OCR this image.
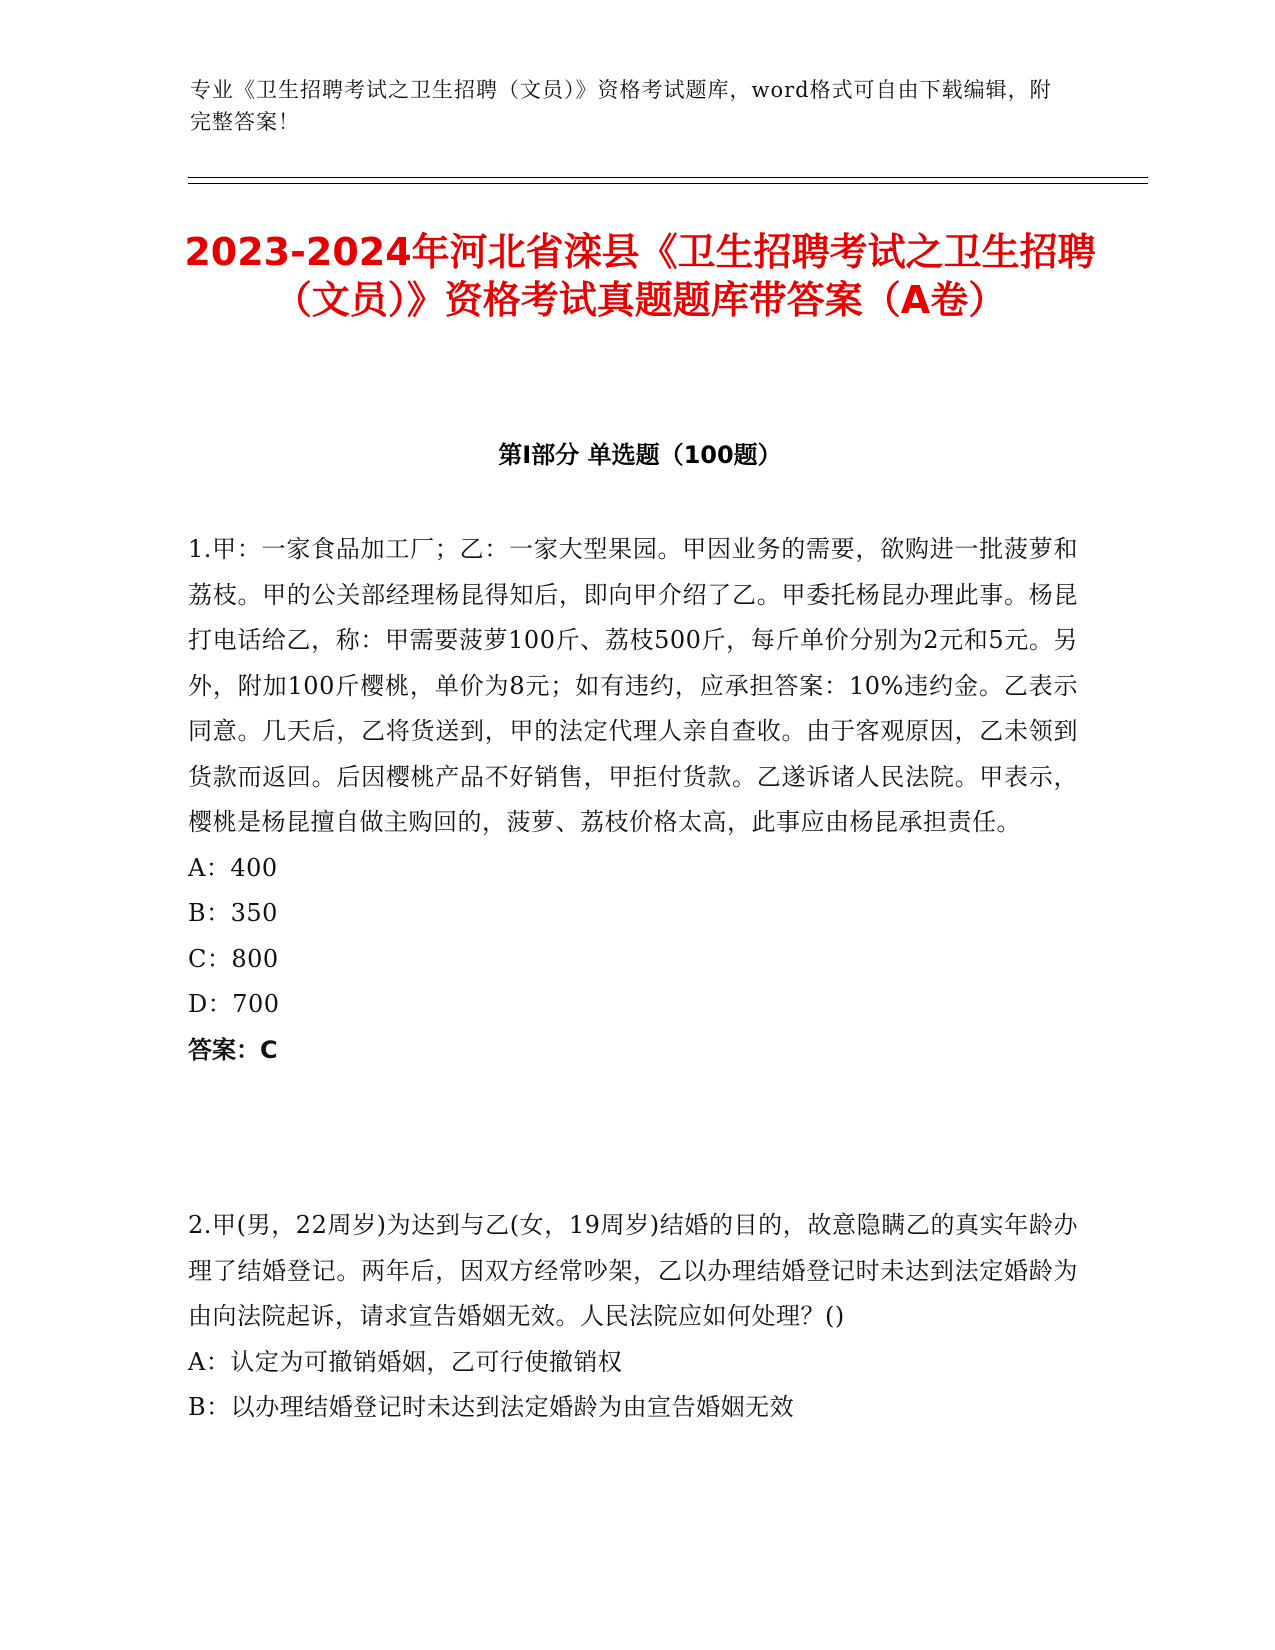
专业《卫生招聘考试之卫生招聘（文员）》资格考试题库，word格式可自由下载编辑，附完整答案！
2023-2024年河北省滦县《卫生招聘考试之卫生招聘（文员）》资格考试真题题库带答案（A卷）
第I部分 单选题（100题）
1.甲：一家食品加工厂；乙：一家大型果园。甲因业务的需要，欲购进一批菠萝和荔枝。甲的公关部经理杨昆得知后，即向甲介绍了乙。甲委托杨昆办理此事。杨昆打电话给乙，称：甲需要菠萝100斤、荔枝500斤，每斤单价分别为2元和5元。另外，附加100斤樱桃，单价为8元；如有违约，应承担答案：10%违约金。乙表示同意。几天后，乙将货送到，甲的法定代理人亲自查收。由于客观原因，乙未领到货款而返回。后因樱桃产品不好销售，甲拒付货款。乙遂诉诸人民法院。甲表示，樱桃是杨昆擅自做主购回的，菠萝、荔枝价格太高，此事应由杨昆承担责任。
A：400
B：350
C：800
D：700
答案：C
2.甲(男，22周岁)为达到与乙(女，19周岁)结婚的目的，故意隐瞒乙的真实年龄办理了结婚登记。两年后，因双方经常吵架，乙以办理结婚登记时未达到法定婚龄为由向法院起诉，请求宣告婚姻无效。人民法院应如何处理？()
A：认定为可撤销婚姻，乙可行使撤销权
B：以办理结婚登记时未达到法定婚龄为由宣告婚姻无效
